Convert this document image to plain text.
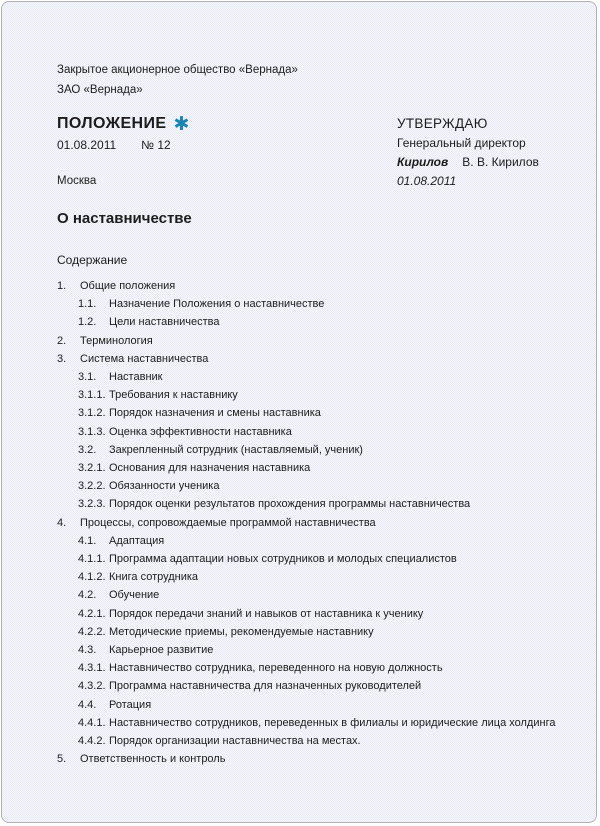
Закрытое акционерное общество «Вернада»
ЗАО «Вернада»
ПОЛОЖЕНИЕ ✱
01.08.2011 № 12
Москва
УТВЕРЖДАЮ
Генеральный директор
Кирилов В. В. Кирилов
01.08.2011
О наставничестве
Содержание
1.	Общие положения
1.1.	Назначение Положения о наставничестве
1.2.	Цели наставничества
2.	Терминология
3.	Система наставничества
3.1.	Наставник
3.1.1. Требования к наставнику
3.1.2. Порядок назначения и смены наставника
3.1.3. Оценка эффективности наставника
3.2.	Закрепленный сотрудник (наставляемый, ученик)
3.2.1. Основания для назначения наставника
3.2.2. Обязанности ученика
3.2.3. Порядок оценки результатов прохождения программы наставничества
4.	Процессы, сопровождаемые программой наставничества
4.1.	Адаптация
4.1.1. Программа адаптации новых сотрудников и молодых специалистов
4.1.2. Книга сотрудника
4.2.	Обучение
4.2.1. Порядок передачи знаний и навыков от наставника к ученику
4.2.2. Методические приемы, рекомендуемые наставнику
4.3.	Карьерное развитие
4.3.1. Наставничество сотрудника, переведенного на новую должность
4.3.2. Программа наставничества для назначенных руководителей
4.4.	Ротация
4.4.1. Наставничество сотрудников, переведенных в филиалы и юридические лица холдинга
4.4.2. Порядок организации наставничества на местах.
5.	Ответственность и контроль
